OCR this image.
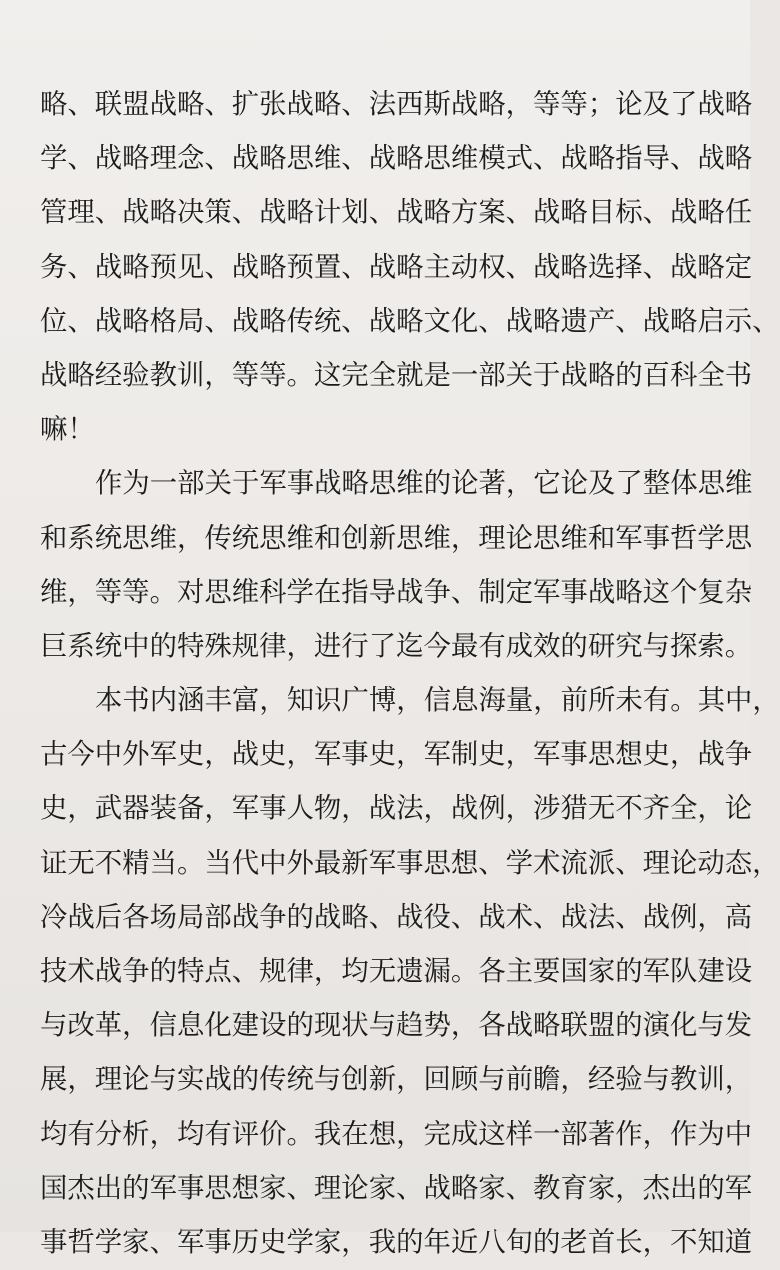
略、联盟战略、扩张战略、法西斯战略，等等；论及了战略
学、战略理念、战略思维、战略思维模式、战略指导、战略
管理、战略决策、战略计划、战略方案、战略目标、战略任
务、战略预见、战略预置、战略主动权、战略选择、战略定
位、战略格局、战略传统、战略文化、战略遗产、战略启示、
战略经验教训，等等。这完全就是一部关于战略的百科全书
嘛！
作为一部关于军事战略思维的论著，它论及了整体思维
和系统思维，传统思维和创新思维，理论思维和军事哲学思
维，等等。对思维科学在指导战争、制定军事战略这个复杂
巨系统中的特殊规律，进行了迄今最有成效的研究与探索。
本书内涵丰富，知识广博，信息海量，前所未有。其中，
古今中外军史，战史，军事史，军制史，军事思想史，战争
史，武器装备，军事人物，战法，战例，涉猎无不齐全，论
证无不精当。当代中外最新军事思想、学术流派、理论动态，
冷战后各场局部战争的战略、战役、战术、战法、战例，高
技术战争的特点、规律，均无遗漏。各主要国家的军队建设
与改革，信息化建设的现状与趋势，各战略联盟的演化与发
展，理论与实战的传统与创新，回顾与前瞻，经验与教训，
均有分析，均有评价。我在想，完成这样一部著作，作为中
国杰出的军事思想家、理论家、战略家、教育家，杰出的军
事哲学家、军事历史学家，我的年近八旬的老首长，不知道
